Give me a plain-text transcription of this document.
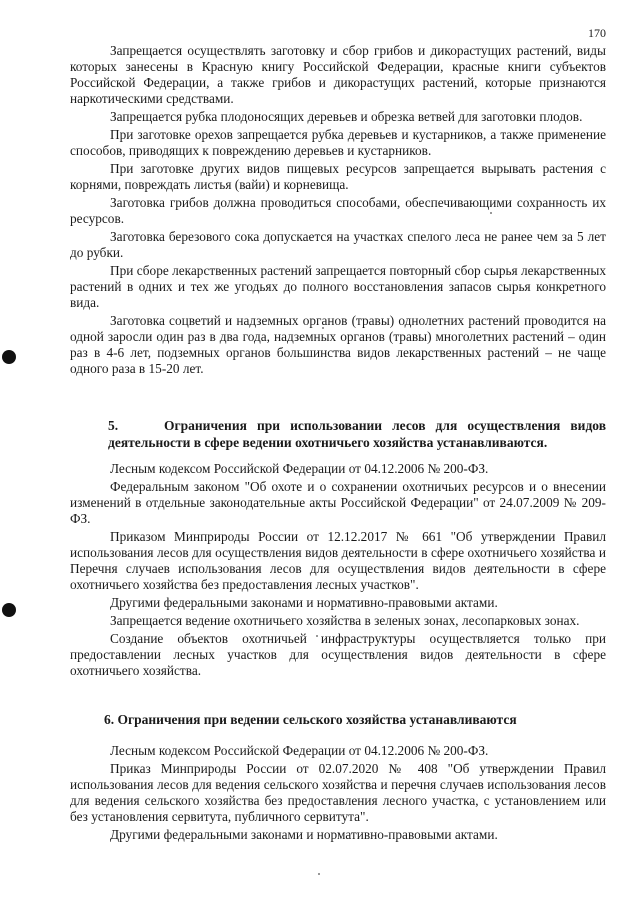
170

Запрещается осуществлять заготовку и сбор грибов и дикорастущих растений, виды которых занесены в Красную книгу Российской Федерации, красные книги субъектов Российской Федерации, а также грибов и дикорастущих растений, которые признаются наркотическими средствами.

Запрещается рубка плодоносящих деревьев и обрезка ветвей для заготовки плодов.

При заготовке орехов запрещается рубка деревьев и кустарников, а также применение способов, приводящих к повреждению деревьев и кустарников.

При заготовке других видов пищевых ресурсов запрещается вырывать растения с корнями, повреждать листья (вайи) и корневища.

Заготовка грибов должна проводиться способами, обеспечивающими сохранность их ресурсов.

Заготовка березового сока допускается на участках спелого леса не ранее чем за 5 лет до рубки.

При сборе лекарственных растений запрещается повторный сбор сырья лекарственных растений в одних и тех же угодьях до полного восстановления запасов сырья конкретного вида.

Заготовка соцветий и надземных органов (травы) однолетних растений проводится на одной заросли один раз в два года, надземных органов (травы) многолетних растений – один раз в 4-6 лет, подземных органов большинства видов лекарственных растений – не чаще одного раза в 15-20 лет.

5.	Ограничения при использовании лесов для осуществления видов деятельности в сфере ведении охотничьего хозяйства устанавливаются.

Лесным кодексом Российской Федерации от 04.12.2006 № 200-ФЗ.

Федеральным законом "Об охоте и о сохранении охотничьих ресурсов и о внесении изменений в отдельные законодательные акты Российской Федерации" от 24.07.2009 № 209-ФЗ.

Приказом Минприроды России от 12.12.2017 № 661 "Об утверждении Правил использования лесов для осуществления видов деятельности в сфере охотничьего хозяйства и Перечня случаев использования лесов для осуществления видов деятельности в сфере охотничьего хозяйства без предоставления лесных участков".

Другими федеральными законами и нормативно-правовыми актами.

Запрещается ведение охотничьего хозяйства в зеленых зонах, лесопарковых зонах.

Создание объектов охотничьей инфраструктуры осуществляется только при предоставлении лесных участков для осуществления видов деятельности в сфере охотничьего хозяйства.

6. Ограничения при ведении сельского хозяйства устанавливаются

Лесным кодексом Российской Федерации от 04.12.2006 № 200-ФЗ.

Приказ Минприроды России от 02.07.2020 № 408 "Об утверждении Правил использования лесов для ведения сельского хозяйства и перечня случаев использования лесов для ведения сельского хозяйства без предоставления лесного участка, с установлением или без установления сервитута, публичного сервитута".

Другими федеральными законами и нормативно-правовыми актами.
